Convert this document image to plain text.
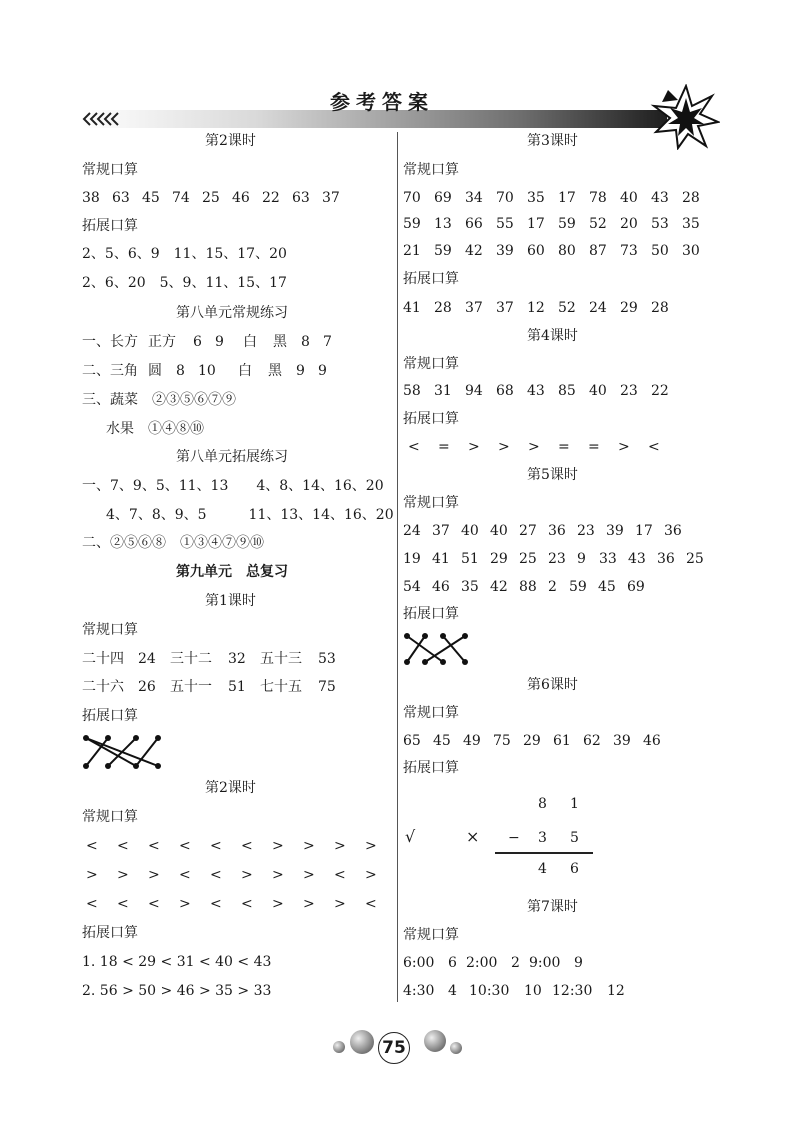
参考答案
第2课时
常规口算
38 63 45 74 25 46 22 63 37
拓展口算
2、5、6、9　11、15、17、20
2、6、20　5、9、11、15、17
第八单元常规练习
一、长方 正方	6 9	白	黑	8 7
二、三角 圆	8 10	白	黑	9 9
三、蔬菜　②③⑤⑥⑦⑨
水果　①④⑧⑩
第八单元拓展练习
一、7、9、5、11、13　　4、8、14、16、20
4、7、8、9、5　　　11、13、14、16、20
二、②⑤⑥⑧　①③④⑦⑨⑩
第九单元　总复习
第1课时
常规口算
二十四	24	三十二	32	五十三	53
二十六	26	五十一	51	七十五	75
拓展口算
第2课时
常规口算
<	<	<	<	<	<	>	>	>	>
>	>	>	<	<	>	>	>	<	>
<	<	<	>	<	<	>	>	>	<
拓展口算
1. 18 < 29 < 31 < 40 < 43
2. 56 > 50 > 46 > 35 > 33
第3课时
常规口算
70 69 34 70 35 17 78 40 43 28
59 13 66 55 17 59 52 20 53 35
21 59 42 39 60 80 87 73 50 30
拓展口算
41 28 37 37 12 52 24 29 28
第4课时
常规口算
58 31 94 68 43 85 40 23 22
拓展口算
<	=	>	>	>	=	=	>	<
第5课时
常规口算
24 37 40 40 27 36 23 39 17 36
19 41 51 29 25 23 9 33 43 36 25
54 46 35 42 88 2 59 45 69
拓展口算
第6课时
常规口算
65 45 49 75 29 61 62 39 46
拓展口算
8 1
√	× − 3 5
4 6
第7课时
常规口算
6:00 6 2:00 2 9:00 9
4:30 4 10:30	10 12:30	12
75
